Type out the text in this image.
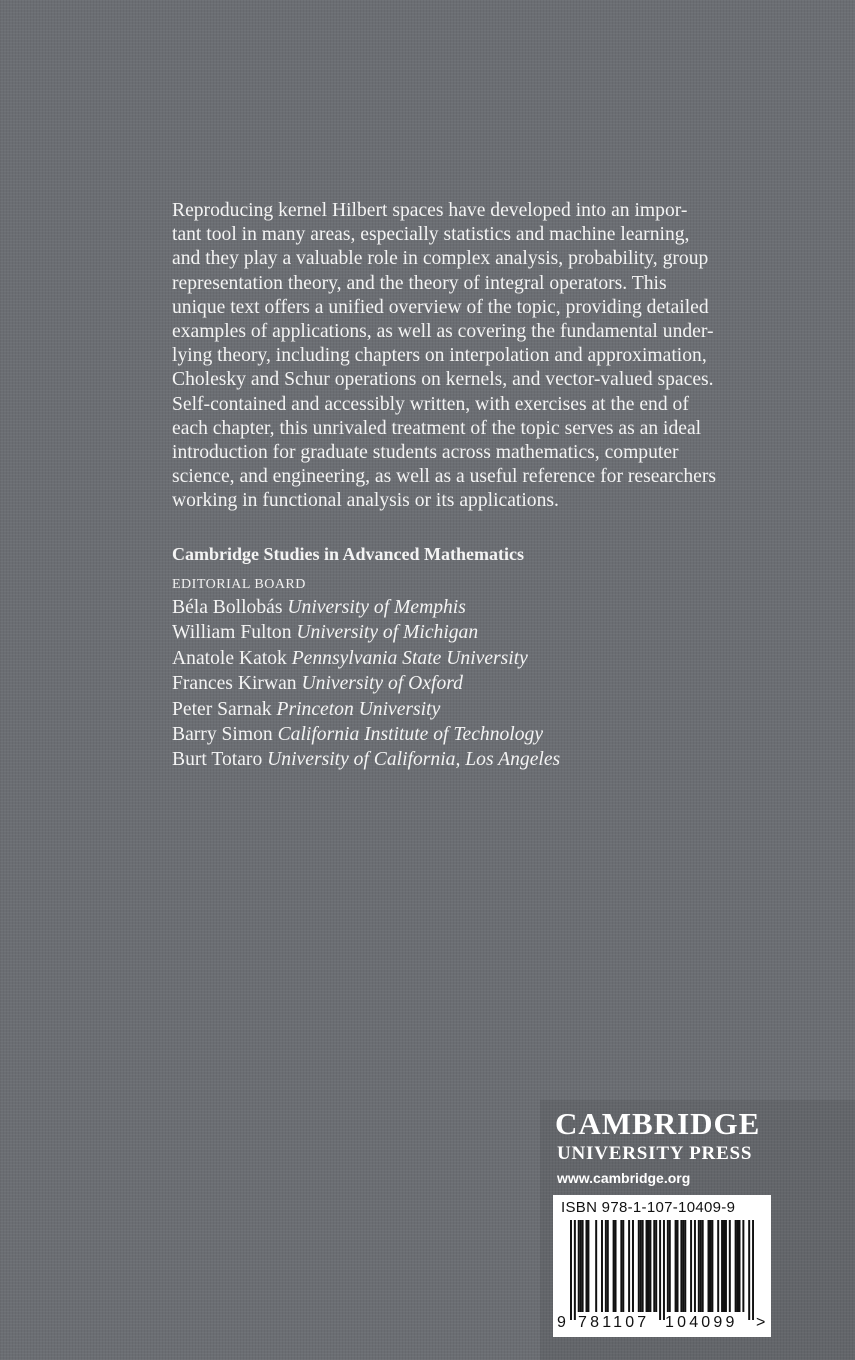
Reproducing kernel Hilbert spaces have developed into an impor-
tant tool in many areas, especially statistics and machine learning,
and they play a valuable role in complex analysis, probability, group
representation theory, and the theory of integral operators. This
unique text offers a unified overview of the topic, providing detailed
examples of applications, as well as covering the fundamental under-
lying theory, including chapters on interpolation and approximation,
Cholesky and Schur operations on kernels, and vector-valued spaces.
Self-contained and accessibly written, with exercises at the end of
each chapter, this unrivaled treatment of the topic serves as an ideal
introduction for graduate students across mathematics, computer
science, and engineering, as well as a useful reference for researchers
working in functional analysis or its applications.
Cambridge Studies in Advanced Mathematics
EDITORIAL BOARD
Béla Bollobás University of Memphis
William Fulton University of Michigan
Anatole Katok Pennsylvania State University
Frances Kirwan University of Oxford
Peter Sarnak Princeton University
Barry Simon California Institute of Technology
Burt Totaro University of California, Los Angeles
CAMBRIDGE
UNIVERSITY PRESS
www.cambridge.org
ISBN 978-1-107-10409-9
9 781107 104099 >
